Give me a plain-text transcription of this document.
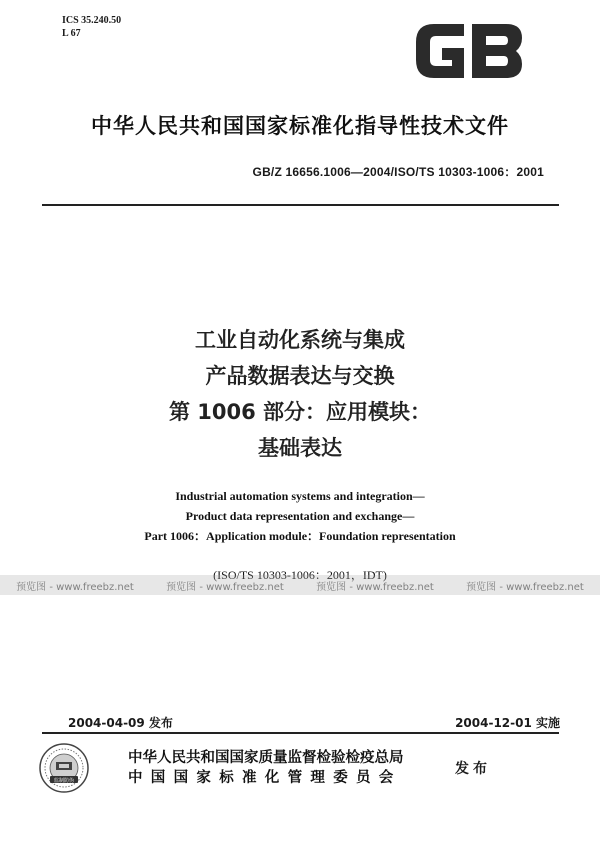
ICS 35.240.50
L 67
中华人民共和国国家标准化指导性技术文件
GB/Z 16656.1006—2004/ISO/TS 10303-1006：2001
工业自动化系统与集成
产品数据表达与交换
第 1006 部分：应用模块：
基础表达
Industrial automation systems and integration—
Product data representation and exchange—
Part 1006：Application module：Foundation representation
(ISO/TS 10303-1006：2001，IDT)
预览图 - www.freebz.net	预览图 - www.freebz.net	预览图 - www.freebz.net	预览图 - www.freebz.net
2004-04-09 发布	2004-12-01 实施
监制防伪
中华人民共和国国家质量监督检验检疫总局
中国国家标准化管理委员会
发布
